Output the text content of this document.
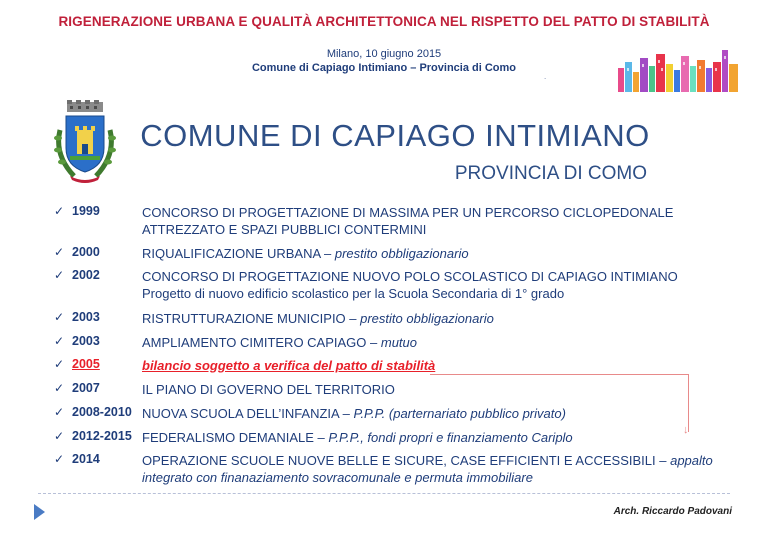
RIGENERAZIONE URBANA E QUALITÀ ARCHITETTONICA NEL RISPETTO DEL PATTO DI STABILITÀ
Milano, 10 giugno 2015
Comune di Capiago Intimiano – Provincia di Como
.
COMUNE DI CAPIAGO INTIMIANO
PROVINCIA DI COMO
✓ 1999	CONCORSO DI PROGETTAZIONE DI MASSIMA PER UN PERCORSO CICLOPEDONALE
ATTREZZATO E SPAZI PUBBLICI CONTERMINI
✓ 2000	RIQUALIFICAZIONE URBANA – prestito obbligazionario
✓ 2002	CONCORSO DI PROGETTAZIONE NUOVO POLO SCOLASTICO DI CAPIAGO INTIMIANO
Progetto di nuovo edificio scolastico per la Scuola Secondaria di 1° grado
✓ 2003	RISTRUTTURAZIONE MUNICIPIO – prestito obbligazionario
✓ 2003	AMPLIAMENTO CIMITERO CAPIAGO – mutuo
✓ 2005	bilancio soggetto a verifica del patto di stabilità
↓
✓ 2007	IL PIANO DI GOVERNO DEL TERRITORIO
✓ 2008-2010 NUOVA SCUOLA DELL’INFANZIA – P.P.P. (parternariato pubblico privato)
✓ 2012-2015 FEDERALISMO DEMANIALE – P.P.P., fondi propri e finanziamento Cariplo
✓ 2014	OPERAZIONE SCUOLE NUOVE BELLE E SICURE, CASE EFFICIENTI E ACCESSIBILI – appalto
integrato con finanaziamento sovracomunale e permuta immobiliare
Arch. Riccardo Padovani
